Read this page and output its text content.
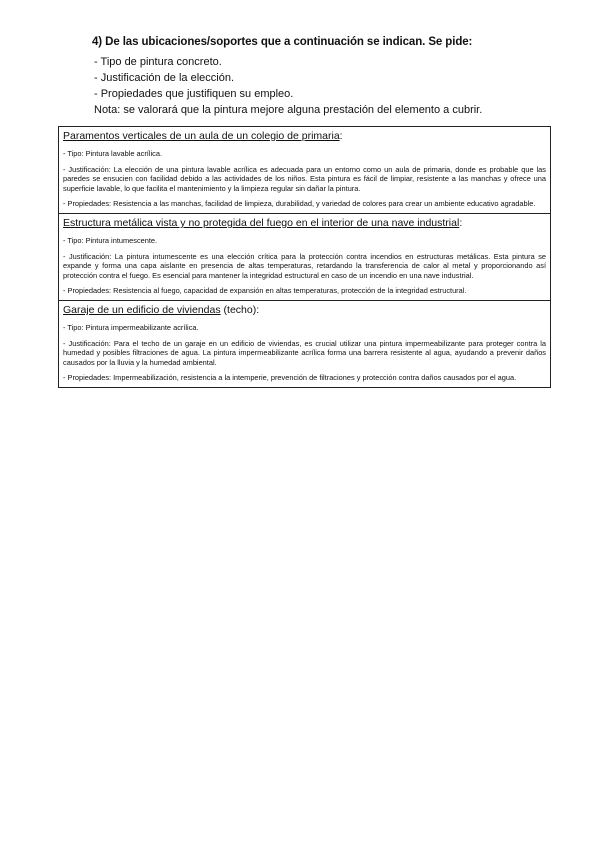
4) De las ubicaciones/soportes que a continuación se indican. Se pide:
- Tipo de pintura concreto.
- Justificación de la elección.
- Propiedades que justifiquen su empleo.
Nota: se valorará que la pintura mejore alguna prestación del elemento a cubrir.
Paramentos verticales de un aula de un colegio de primaria:

- Tipo: Pintura lavable acrílica.

- Justificación: La elección de una pintura lavable acrílica es adecuada para un entorno como un aula de primaria, donde es probable que las paredes se ensucien con facilidad debido a las actividades de los niños. Esta pintura es fácil de limpiar, resistente a las manchas y ofrece una superficie lavable, lo que facilita el mantenimiento y la limpieza regular sin dañar la pintura.

- Propiedades: Resistencia a las manchas, facilidad de limpieza, durabilidad, y variedad de colores para crear un ambiente educativo agradable.

Estructura metálica vista y no protegida del fuego en el interior de una nave industrial:

- Tipo: Pintura intumescente.

- Justificación: La pintura intumescente es una elección crítica para la protección contra incendios en estructuras metálicas. Esta pintura se expande y forma una capa aislante en presencia de altas temperaturas, retardando la transferencia de calor al metal y proporcionando así protección contra el fuego. Es esencial para mantener la integridad estructural en caso de un incendio en una nave industrial.

- Propiedades: Resistencia al fuego, capacidad de expansión en altas temperaturas, protección de la integridad estructural.

Garaje de un edificio de viviendas (techo):

- Tipo: Pintura impermeabilizante acrílica.

- Justificación: Para el techo de un garaje en un edificio de viviendas, es crucial utilizar una pintura impermeabilizante para proteger contra la humedad y posibles filtraciones de agua. La pintura impermeabilizante acrílica forma una barrera resistente al agua, ayudando a prevenir daños causados por la lluvia y la humedad ambiental.

- Propiedades: Impermeabilización, resistencia a la intemperie, prevención de filtraciones y protección contra daños causados por el agua.
